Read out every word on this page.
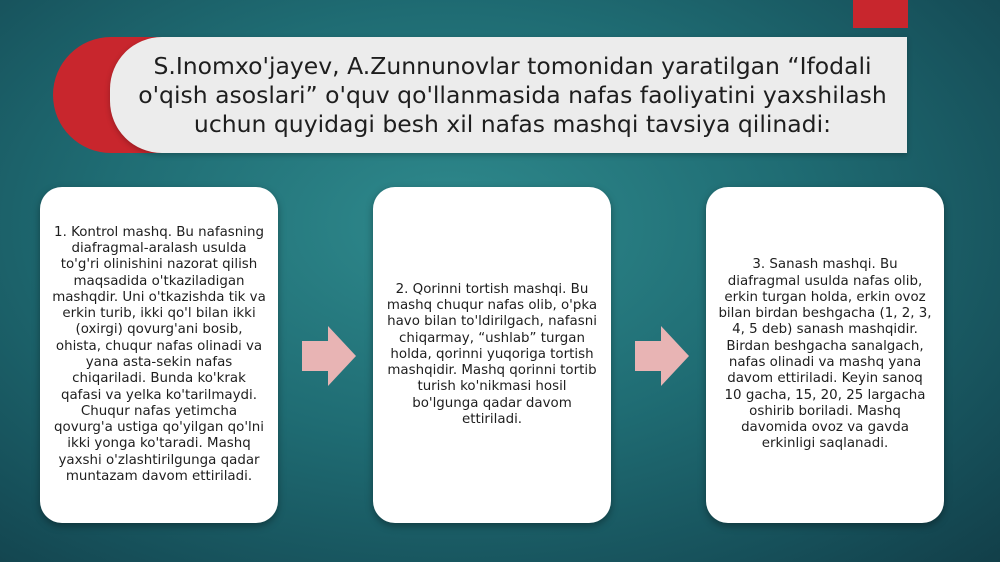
S.Inomxo'jayev, A.Zunnunovlar tomonidan yaratilgan “Ifodali o'qish asoslari” o'quv qo'llanmasida nafas faoliyatini yaxshilash uchun quyidagi besh xil nafas mashqi tavsiya qilinadi:

1. Kontrol mashq. Bu nafasning diafragmal-aralash usulda to'g'ri olinishini nazorat qilish maqsadida o'tkaziladigan mashqdir. Uni o'tkazishda tik va erkin turib, ikki qo'l bilan ikki (oxirgi) qovurg'ani bosib, ohista, chuqur nafas olinadi va yana asta-sekin nafas chiqariladi. Bunda ko'krak qafasi va yelka ko'tarilmaydi. Chuqur nafas yetimcha qovurg'a ustiga qo'yilgan qo'lni ikki yonga ko'taradi. Mashq yaxshi o'zlashtirilgunga qadar muntazam davom ettiriladi.

2. Qorinni tortish mashqi. Bu mashq chuqur nafas olib, o'pka havo bilan to'ldirilgach, nafasni chiqarmay, “ushlab” turgan holda, qorinni yuqoriga tortish mashqidir. Mashq qorinni tortib turish ko'nikmasi hosil bo'lgunga qadar davom ettiriladi.

3. Sanash mashqi. Bu diafragmal usulda nafas olib, erkin turgan holda, erkin ovoz bilan birdan beshgacha (1, 2, 3, 4, 5 deb) sanash mashqidir. Birdan beshgacha sanalgach, nafas olinadi va mashq yana davom ettiriladi. Keyin sanoq 10 gacha, 15, 20, 25 largacha oshirib boriladi. Mashq davomida ovoz va gavda erkinligi saqlanadi.
